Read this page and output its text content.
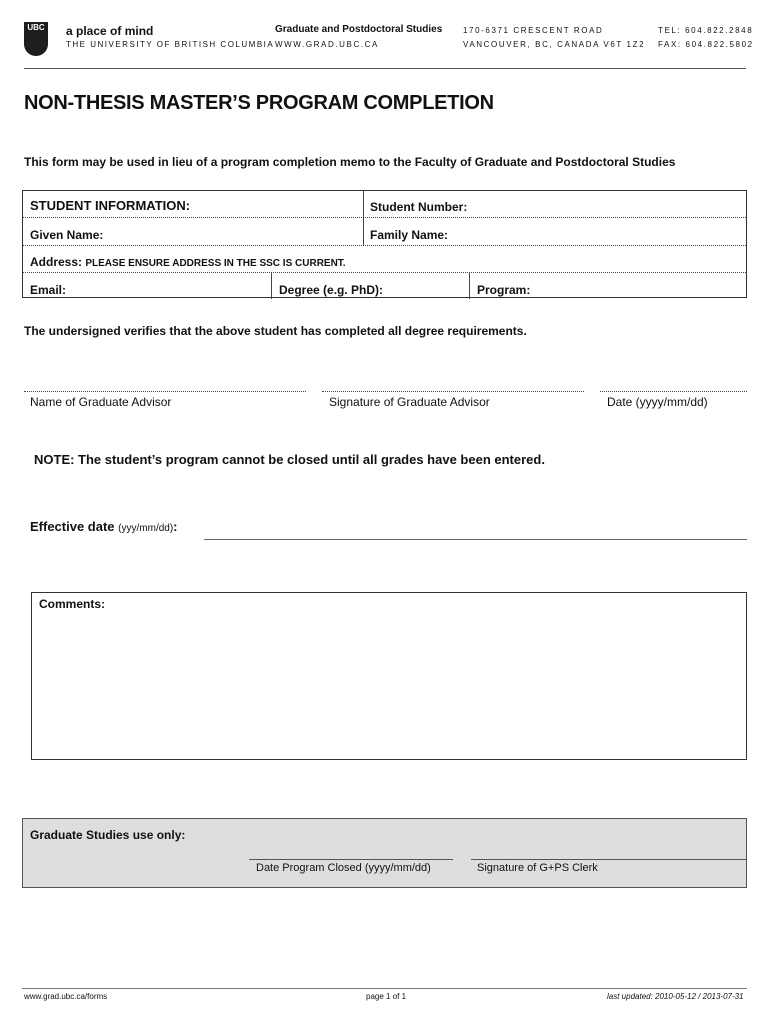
UBC a place of mind
THE UNIVERSITY OF BRITISH COLUMBIA
Graduate and Postdoctoral Studies
WWW.GRAD.UBC.CA
170-6371 CRESCENT ROAD
VANCOUVER, BC, CANADA V6T 1Z2
TEL: 604.822.2848
FAX: 604.822.5802
NON-THESIS MASTER’S PROGRAM COMPLETION
This form may be used in lieu of a program completion memo to the Faculty of Graduate and Postdoctoral Studies
STUDENT INFORMATION:	Student Number:
Given Name:	Family Name:
Address: PLEASE ENSURE ADDRESS IN THE SSC IS CURRENT.
Email:	Degree (e.g. PhD):	Program:
The undersigned verifies that the above student has completed all degree requirements.
Name of Graduate Advisor	Signature of Graduate Advisor	Date (yyyy/mm/dd)
NOTE: The student’s program cannot be closed until all grades have been entered.
Effective date (yyy/mm/dd):
Comments:
Graduate Studies use only:
Date Program Closed (yyyy/mm/dd)	Signature of G+PS Clerk
www.grad.ubc.ca/forms	page 1 of 1	last updated: 2010-05-12 / 2013-07-31
